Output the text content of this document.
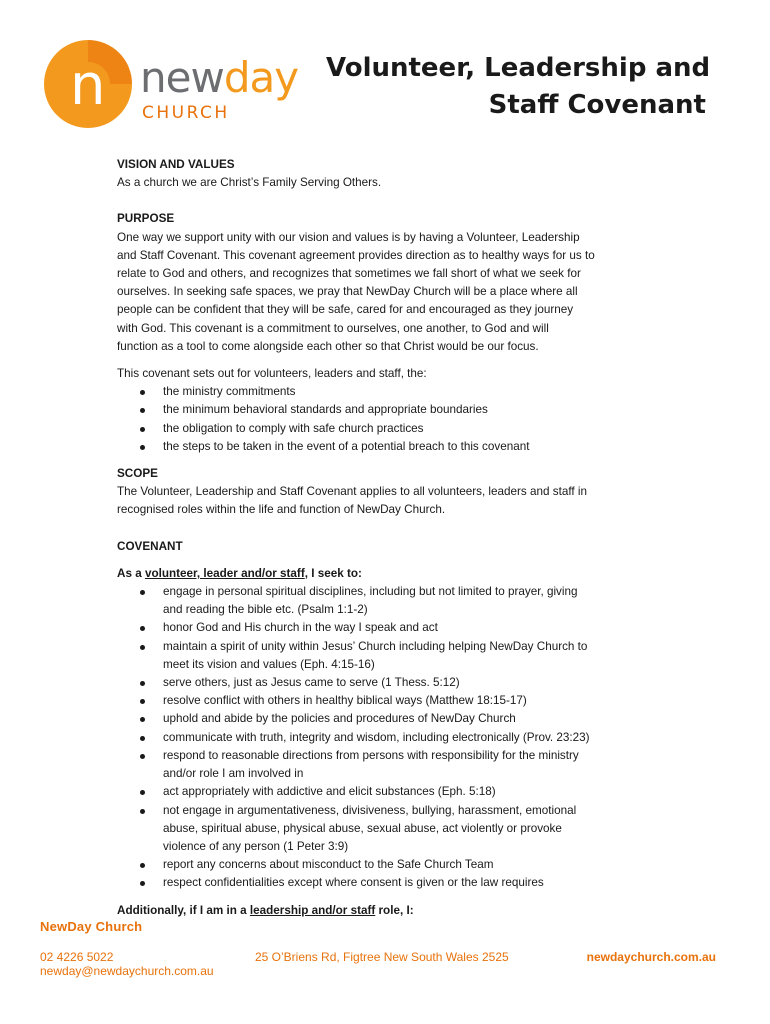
n newday
CHURCH
Volunteer, Leadership and
Staff Covenant

VISION AND VALUES

As a church we are Christ’s Family Serving Others.

PURPOSE

One way we support unity with our vision and values is by having a Volunteer, Leadership

and Staff Covenant. This covenant agreement provides direction as to healthy ways for us to

relate to God and others, and recognizes that sometimes we fall short of what we seek for

ourselves. In seeking safe spaces, we pray that NewDay Church will be a place where all

people can be confident that they will be safe, cared for and encouraged as they journey

with God. This covenant is a commitment to ourselves, one another, to God and will

function as a tool to come alongside each other so that Christ would be our focus.

This covenant sets out for volunteers, leaders and staff, the:

the ministry commitments
the minimum behavioral standards and appropriate boundaries
the obligation to comply with safe church practices
the steps to be taken in the event of a potential breach to this covenant

SCOPE

The Volunteer, Leadership and Staff Covenant applies to all volunteers, leaders and staff in

recognised roles within the life and function of NewDay Church.

COVENANT

As a volunteer, leader and/or staff, I seek to:

engage in personal spiritual disciplines, including but not limited to prayer, giving
and reading the bible etc. (Psalm 1:1-2)
honor God and His church in the way I speak and act
maintain a spirit of unity within Jesus’ Church including helping NewDay Church to
meet its vision and values (Eph. 4:15-16)
serve others, just as Jesus came to serve (1 Thess. 5:12)
resolve conflict with others in healthy biblical ways (Matthew 18:15-17)
uphold and abide by the policies and procedures of NewDay Church
communicate with truth, integrity and wisdom, including electronically (Prov. 23:23)
respond to reasonable directions from persons with responsibility for the ministry
and/or role I am involved in
act appropriately with addictive and elicit substances (Eph. 5:18)
not engage in argumentativeness, divisiveness, bullying, harassment, emotional
abuse, spiritual abuse, physical abuse, sexual abuse, act violently or provoke
violence of any person (1 Peter 3:9)
report any concerns about misconduct to the Safe Church Team
respect confidentialities except where consent is given or the law requires

Additionally, if I am in a leadership and/or staff role, I:

NewDay Church
02 4226 5022
newday@newdaychurch.com.au
25 O’Briens Rd, Figtree New South Wales 2525	newdaychurch.com.au
